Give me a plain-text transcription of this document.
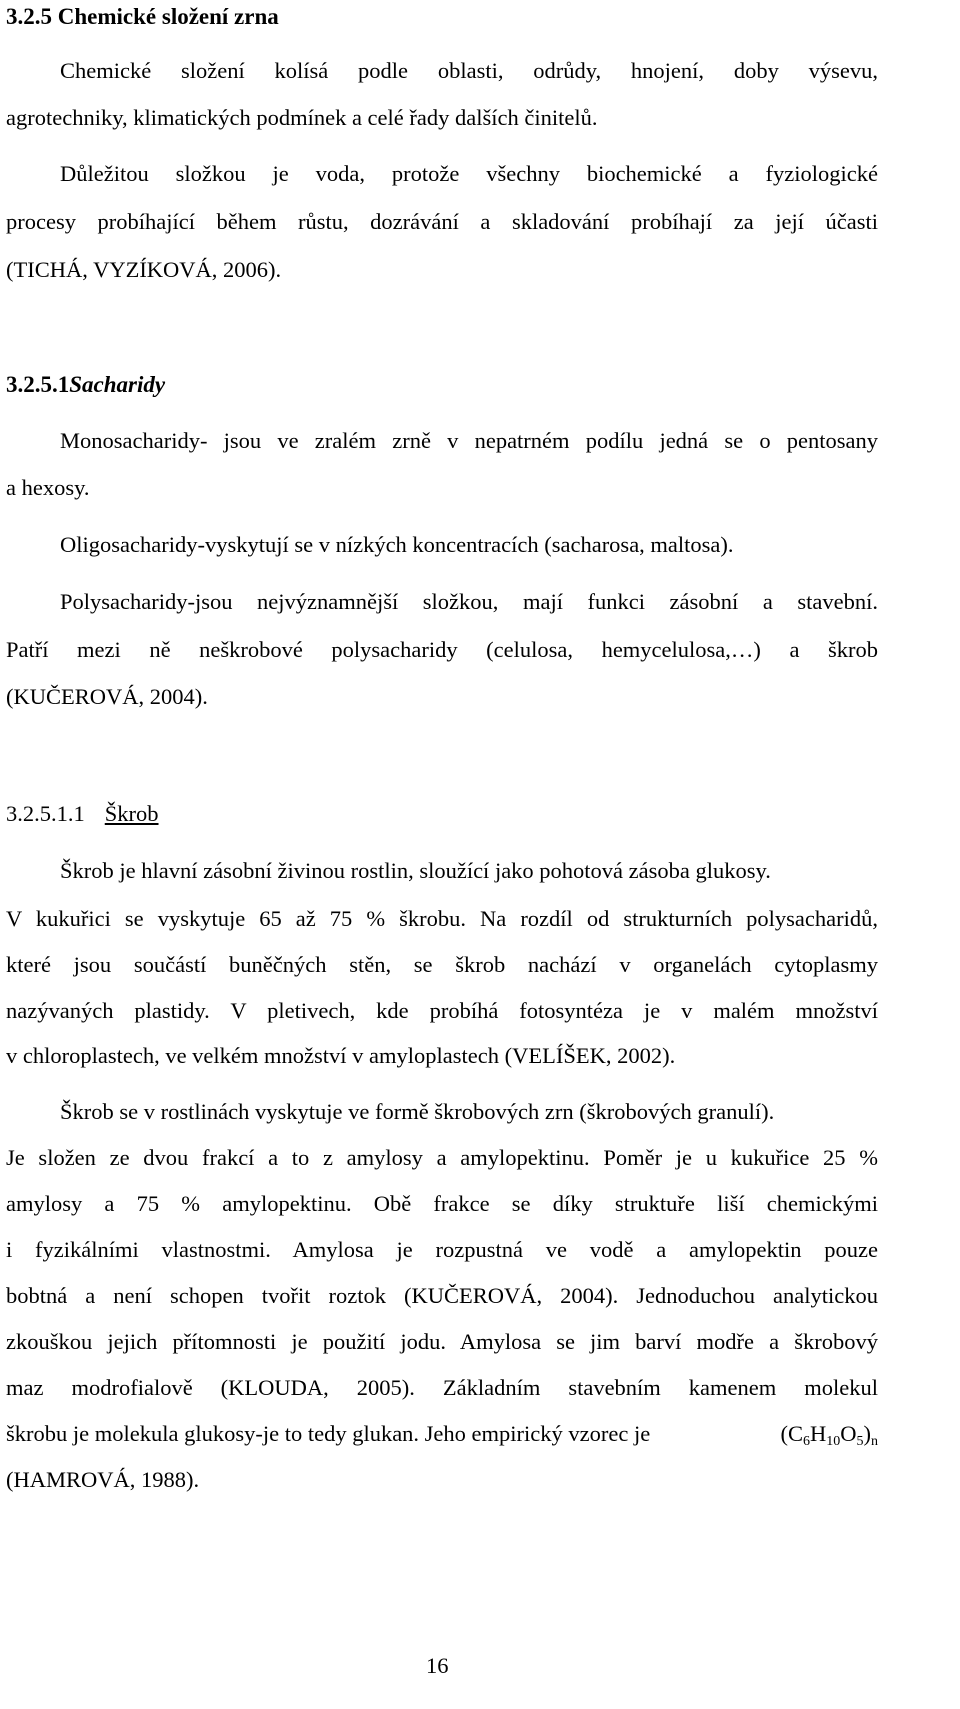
3.2.5 Chemické složení zrna
Chemické složení kolísá podle oblasti, odrůdy, hnojení, doby výsevu,
agrotechniky, klimatických podmínek a celé řady dalších činitelů.
Důležitou složkou je voda, protože všechny biochemické a fyziologické
procesy probíhající během růstu, dozrávání a skladování probíhají za její účasti
(TICHÁ, VYZÍKOVÁ, 2006).
3.2.5.1Sacharidy
Monosacharidy- jsou ve zralém zrně v nepatrném podílu jedná se o pentosany
a hexosy.
Oligosacharidy-vyskytují se v nízkých koncentracích (sacharosa, maltosa).
Polysacharidy-jsou nejvýznamnější složkou, mají funkci zásobní a stavební.
Patří mezi ně neškrobové polysacharidy (celulosa, hemycelulosa,…) a škrob
(KUČEROVÁ, 2004).
3.2.5.1.1 Škrob
Škrob je hlavní zásobní živinou rostlin, sloužící jako pohotová zásoba glukosy.
V kukuřici se vyskytuje 65 až 75 % škrobu. Na rozdíl od strukturních polysacharidů,
které jsou součástí buněčných stěn, se škrob nachází v organelách cytoplasmy
nazývaných plastidy. V pletivech, kde probíhá fotosyntéza je v malém množství
v chloroplastech, ve velkém množství v amyloplastech (VELÍŠEK, 2002).
Škrob se v rostlinách vyskytuje ve formě škrobových zrn (škrobových granulí).
Je složen ze dvou frakcí a to z amylosy a amylopektinu. Poměr je u kukuřice 25 %
amylosy a 75 % amylopektinu. Obě frakce se díky struktuře liší chemickými
i fyzikálními vlastnostmi. Amylosa je rozpustná ve vodě a amylopektin pouze
bobtná a není schopen tvořit roztok (KUČEROVÁ, 2004). Jednoduchou analytickou
zkouškou jejich přítomnosti je použití jodu. Amylosa se jim barví modře a škrobový
maz modrofialově (KLOUDA, 2005). Základním stavebním kamenem molekul
škrobu je molekula glukosy-je to tedy glukan. Jeho empirický vzorec je	$(C_6H_{10}O_5)_n$
(HAMROVÁ, 1988).
16
